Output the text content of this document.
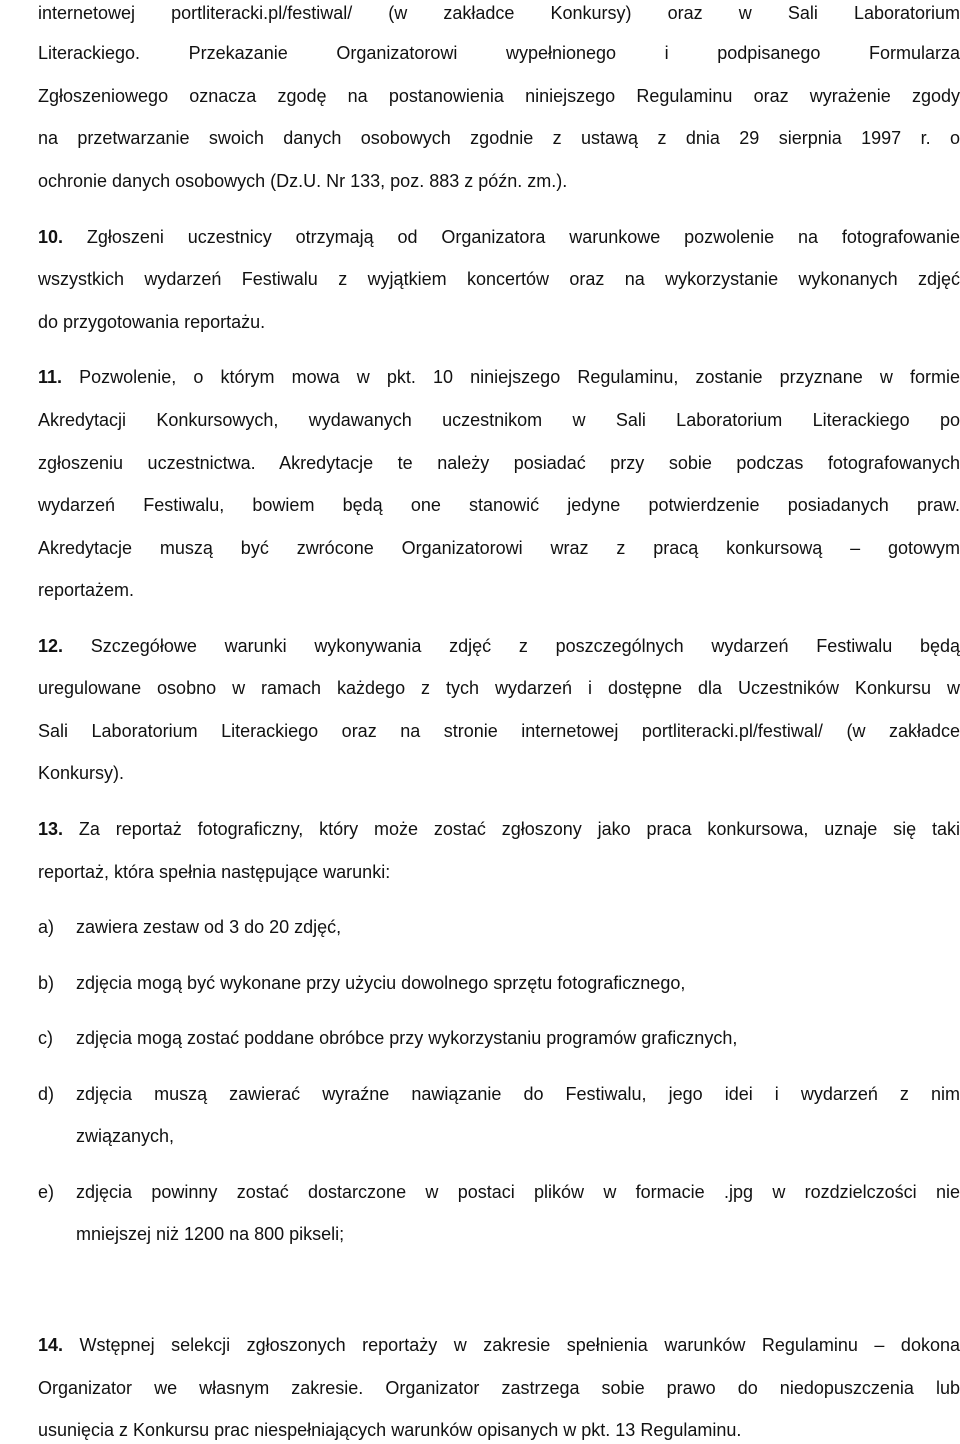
internetowej portliteracki.pl/festiwal/ (w zakładce Konkursy) oraz w Sali Laboratorium
Literackiego. Przekazanie Organizatorowi wypełnionego i podpisanego Formularza
Zgłoszeniowego oznacza zgodę na postanowienia niniejszego Regulaminu oraz wyrażenie zgody
na przetwarzanie swoich danych osobowych zgodnie z ustawą z dnia 29 sierpnia 1997 r. o
ochronie danych osobowych (Dz.U. Nr 133, poz. 883 z późn. zm.).
10. Zgłoszeni uczestnicy otrzymają od Organizatora warunkowe pozwolenie na fotografowanie
wszystkich wydarzeń Festiwalu z wyjątkiem koncertów oraz na wykorzystanie wykonanych zdjęć
do przygotowania reportażu.
11. Pozwolenie, o którym mowa w pkt. 10 niniejszego Regulaminu, zostanie przyznane w formie
Akredytacji Konkursowych, wydawanych uczestnikom w Sali Laboratorium Literackiego po
zgłoszeniu uczestnictwa. Akredytacje te należy posiadać przy sobie podczas fotografowanych
wydarzeń Festiwalu, bowiem będą one stanowić jedyne potwierdzenie posiadanych praw.
Akredytacje muszą być zwrócone Organizatorowi wraz z pracą konkursową – gotowym
reportażem.
12. Szczegółowe warunki wykonywania zdjęć z poszczególnych wydarzeń Festiwalu będą
uregulowane osobno w ramach każdego z tych wydarzeń i dostępne dla Uczestników Konkursu w
Sali Laboratorium Literackiego oraz na stronie internetowej portliteracki.pl/festiwal/ (w zakładce
Konkursy).
13. Za reportaż fotograficzny, który może zostać zgłoszony jako praca konkursowa, uznaje się taki
reportaż, która spełnia następujące warunki:
a) zawiera zestaw od 3 do 20 zdjęć,
b) zdjęcia mogą być wykonane przy użyciu dowolnego sprzętu fotograficznego,
c) zdjęcia mogą zostać poddane obróbce przy wykorzystaniu programów graficznych,
d) zdjęcia muszą zawierać wyraźne nawiązanie do Festiwalu, jego idei i wydarzeń z nim
związanych,
e) zdjęcia powinny zostać dostarczone w postaci plików w formacie .jpg w rozdzielczości nie
mniejszej niż 1200 na 800 pikseli;
14. Wstępnej selekcji zgłoszonych reportaży w zakresie spełnienia warunków Regulaminu – dokona
Organizator we własnym zakresie. Organizator zastrzega sobie prawo do niedopuszczenia lub
usunięcia z Konkursu prac niespełniających warunków opisanych w pkt. 13 Regulaminu.
